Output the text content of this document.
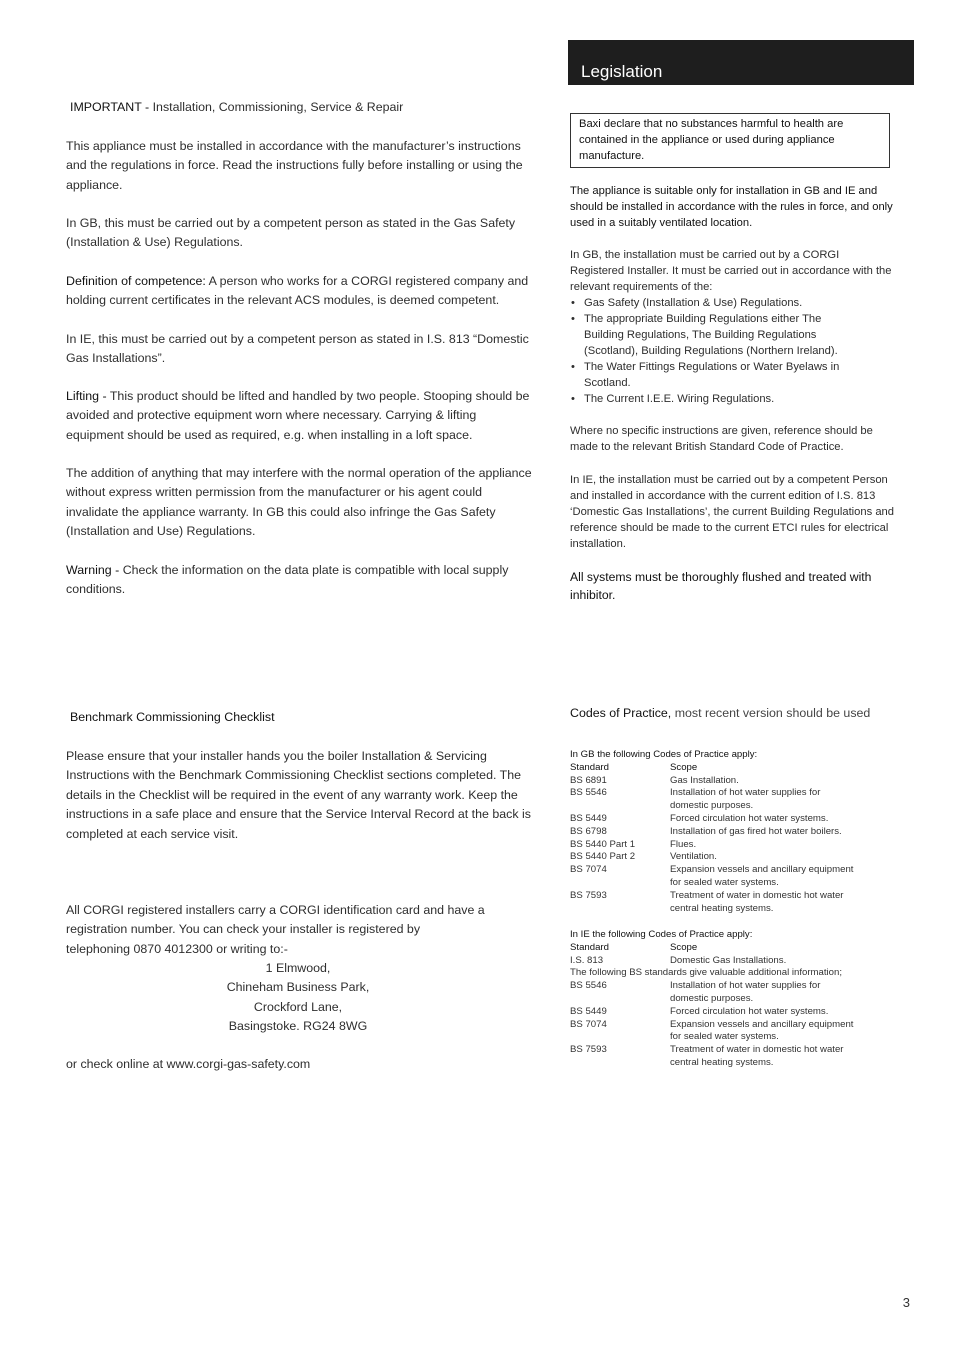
Legislation
IMPORTANT - Installation, Commissioning, Service & Repair

This appliance must be installed in accordance with the manufacturer’s instructions and the regulations in force. Read the instructions fully before installing or using the appliance.

In GB, this must be carried out by a competent person as stated in the Gas Safety (Installation & Use) Regulations.

Definition of competence: A person who works for a CORGI registered company and holding current certificates in the relevant ACS modules, is deemed competent.

In IE, this must be carried out by a competent person as stated in I.S. 813 “Domestic Gas Installations”.

Lifting - This product should be lifted and handled by two people. Stooping should be avoided and protective equipment worn where necessary. Carrying & lifting equipment should be used as required, e.g. when installing in a loft space.

The addition of anything that may interfere with the normal operation of the appliance without express written permission from the manufacturer or his agent could invalidate the appliance warranty. In GB this could also infringe the Gas Safety (Installation and Use) Regulations.

Warning - Check the information on the data plate is compatible with local supply conditions.

Baxi declare that no substances harmful to health are contained in the appliance or used during appliance manufacture.

The appliance is suitable only for installation in GB and IE and should be installed in accordance with the rules in force, and only used in a suitably ventilated location.

In GB, the installation must be carried out by a CORGI Registered Installer. It must be carried out in accordance with the relevant requirements of the:

• Gas Safety (Installation & Use) Regulations.
• The appropriate Building Regulations either The Building Regulations, The Building Regulations (Scotland), Building Regulations (Northern Ireland).
• The Water Fittings Regulations or Water Byelaws in Scotland.
• The Current I.E.E. Wiring Regulations.

Where no specific instructions are given, reference should be made to the relevant British Standard Code of Practice.

In IE, the installation must be carried out by a competent Person and installed in accordance with the current edition of I.S. 813 ‘Domestic Gas Installations’, the current Building Regulations and reference should be made to the current ETCI rules for electrical installation.

All systems must be thoroughly flushed and treated with inhibitor.

Benchmark Commissioning Checklist

Please ensure that your installer hands you the boiler Installation & Servicing Instructions with the Benchmark Commissioning Checklist sections completed. The details in the Checklist will be required in the event of any warranty work. Keep the instructions in a safe place and ensure that the Service Interval Record at the back is completed at each service visit.

All CORGI registered installers carry a CORGI identification card and have a registration number. You can check your installer is registered by telephoning 0870 4012300 or writing to:-

1 Elmwood,
Chineham Business Park,
Crockford Lane,
Basingstoke. RG24 8WG

or check online at www.corgi-gas-safety.com

Codes of Practice, most recent version should be used
In GB the following Codes of Practice apply:
Standard	Scope
BS 6891	Gas Installation.
BS 5546	Installation of hot water supplies for domestic purposes.
BS 5449	Forced circulation hot water systems.
BS 6798	Installation of gas fired hot water boilers.
BS 5440 Part 1	Flues.
BS 5440 Part 2	Ventilation.
BS 7074	Expansion vessels and ancillary equipment for sealed water systems.
BS 7593	Treatment of water in domestic hot water central heating systems.
In IE the following Codes of Practice apply:
Standard	Scope
I.S. 813	Domestic Gas Installations.
The following BS standards give valuable additional information;
BS 5546	Installation of hot water supplies for domestic purposes.
BS 5449	Forced circulation hot water systems.
BS 7074	Expansion vessels and ancillary equipment for sealed water systems.
BS 7593	Treatment of water in domestic hot water central heating systems.
3
